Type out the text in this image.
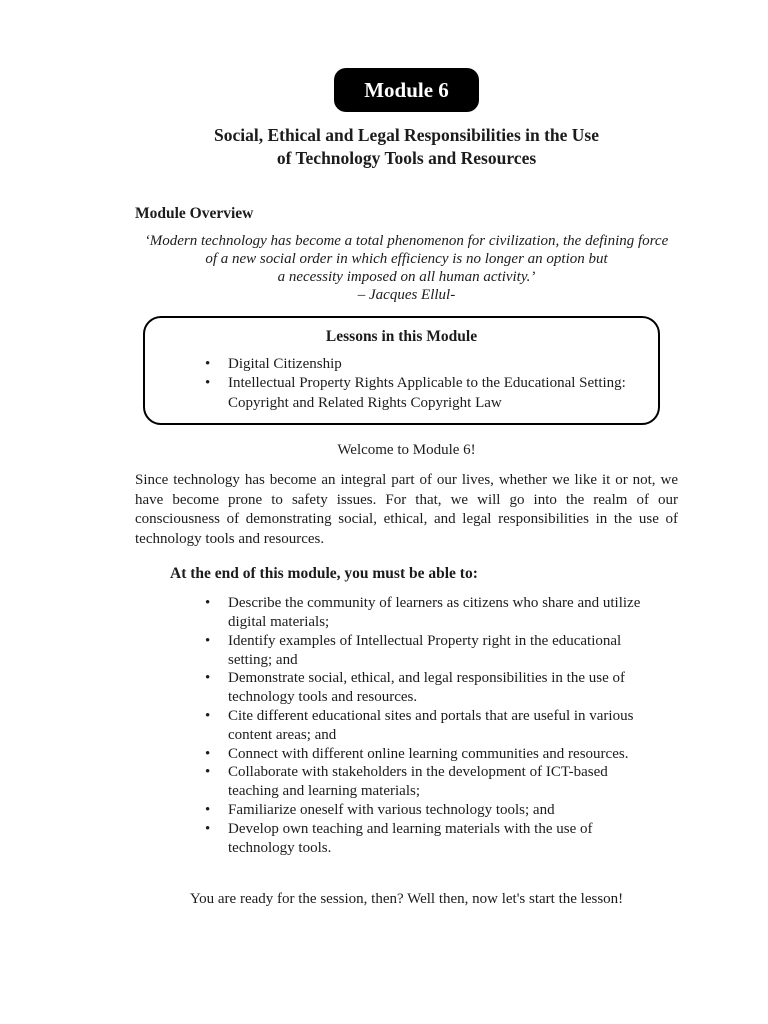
Module 6
Social, Ethical and Legal Responsibilities in the Use
of Technology Tools and Resources
Module Overview
‘Modern technology has become a total phenomenon for civilization, the defining force
of a new social order in which efficiency is no longer an option but
a necessity imposed on all human activity.’
– Jacques Ellul-
Lessons in this Module
•	Digital Citizenship
•	Intellectual Property Rights Applicable to the Educational Setting: Copyright and Related Rights Copyright Law
Welcome to Module 6!

Since technology has become an integral part of our lives, whether we like it or not, we have become prone to safety issues. For that, we will go into the realm of our consciousness of demonstrating social, ethical, and legal responsibilities in the use of technology tools and resources.

At the end of this module, you must be able to:
•	Describe the community of learners as citizens who share and utilize digital materials;
•	Identify examples of Intellectual Property right in the educational setting; and
•	Demonstrate social, ethical, and legal responsibilities in the use of technology tools and resources.
•	Cite different educational sites and portals that are useful in various content areas; and
•	Connect with different online learning communities and resources.
•	Collaborate with stakeholders in the development of ICT-based teaching and learning materials;
•	Familiarize oneself with various technology tools; and
•	Develop own teaching and learning materials with the use of technology tools.
You are ready for the session, then? Well then, now let's start the lesson!
